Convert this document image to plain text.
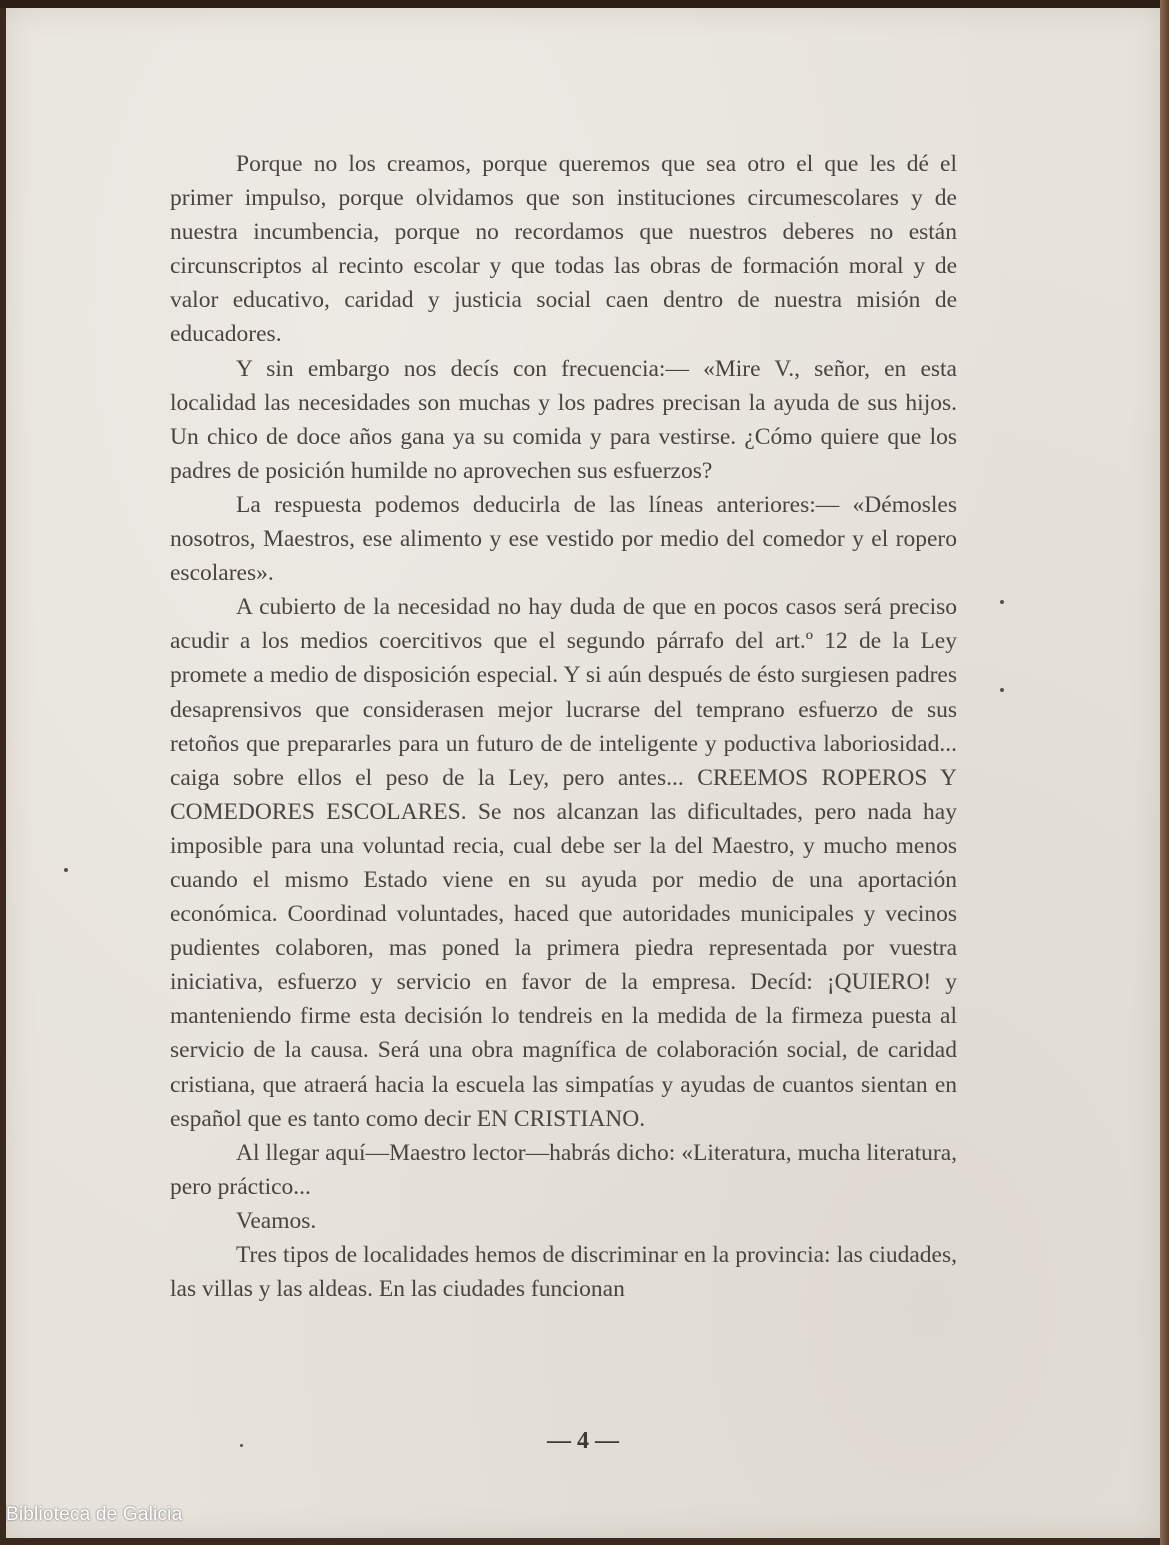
Porque no los creamos, porque queremos que sea otro el que les dé el primer impulso, porque olvidamos que son instituciones circumescolares y de nuestra incumbencia, porque no recordamos que nuestros deberes no están circunscriptos al recinto escolar y que todas las obras de formación moral y de valor educativo, caridad y justicia social caen dentro de nuestra misión de educadores.

Y sin embargo nos decís con frecuencia:— «Mire V., señor, en esta localidad las necesidades son muchas y los padres precisan la ayuda de sus hijos. Un chico de doce años gana ya su comida y para vestirse. ¿Cómo quiere que los padres de posición humilde no aprovechen sus esfuerzos?

La respuesta podemos deducirla de las líneas anteriores:— «Démosles nosotros, Maestros, ese alimento y ese vestido por medio del comedor y el ropero escolares».

A cubierto de la necesidad no hay duda de que en pocos casos será preciso acudir a los medios coercitivos que el segundo párrafo del art.º 12 de la Ley promete a medio de disposición especial. Y si aún después de ésto surgiesen padres desaprensivos que considerasen mejor lucrarse del temprano esfuerzo de sus retoños que prepararles para un futuro de de inteligente y poductiva laboriosidad... caiga sobre ellos el peso de la Ley, pero antes... CREEMOS ROPEROS Y COMEDORES ESCOLARES. Se nos alcanzan las dificultades, pero nada hay imposible para una voluntad recia, cual debe ser la del Maestro, y mucho menos cuando el mismo Estado viene en su ayuda por medio de una aportación económica. Coordinad voluntades, haced que autoridades municipales y vecinos pudientes colaboren, mas poned la primera piedra representada por vuestra iniciativa, esfuerzo y servicio en favor de la empresa. Decíd: ¡QUIERO! y manteniendo firme esta decisión lo tendreis en la medida de la firmeza puesta al servicio de la causa. Será una obra magnífica de colaboración social, de caridad cristiana, que atraerá hacia la escuela las simpatías y ayudas de cuantos sientan en español que es tanto como decir EN CRISTIANO.

Al llegar aquí—Maestro lector—habrás dicho: «Literatura, mucha literatura, pero práctico...

Veamos.

Tres tipos de localidades hemos de discriminar en la provincia: las ciudades, las villas y las aldeas. En las ciudades funcionan

— 4 —
Biblioteca de Galicia
